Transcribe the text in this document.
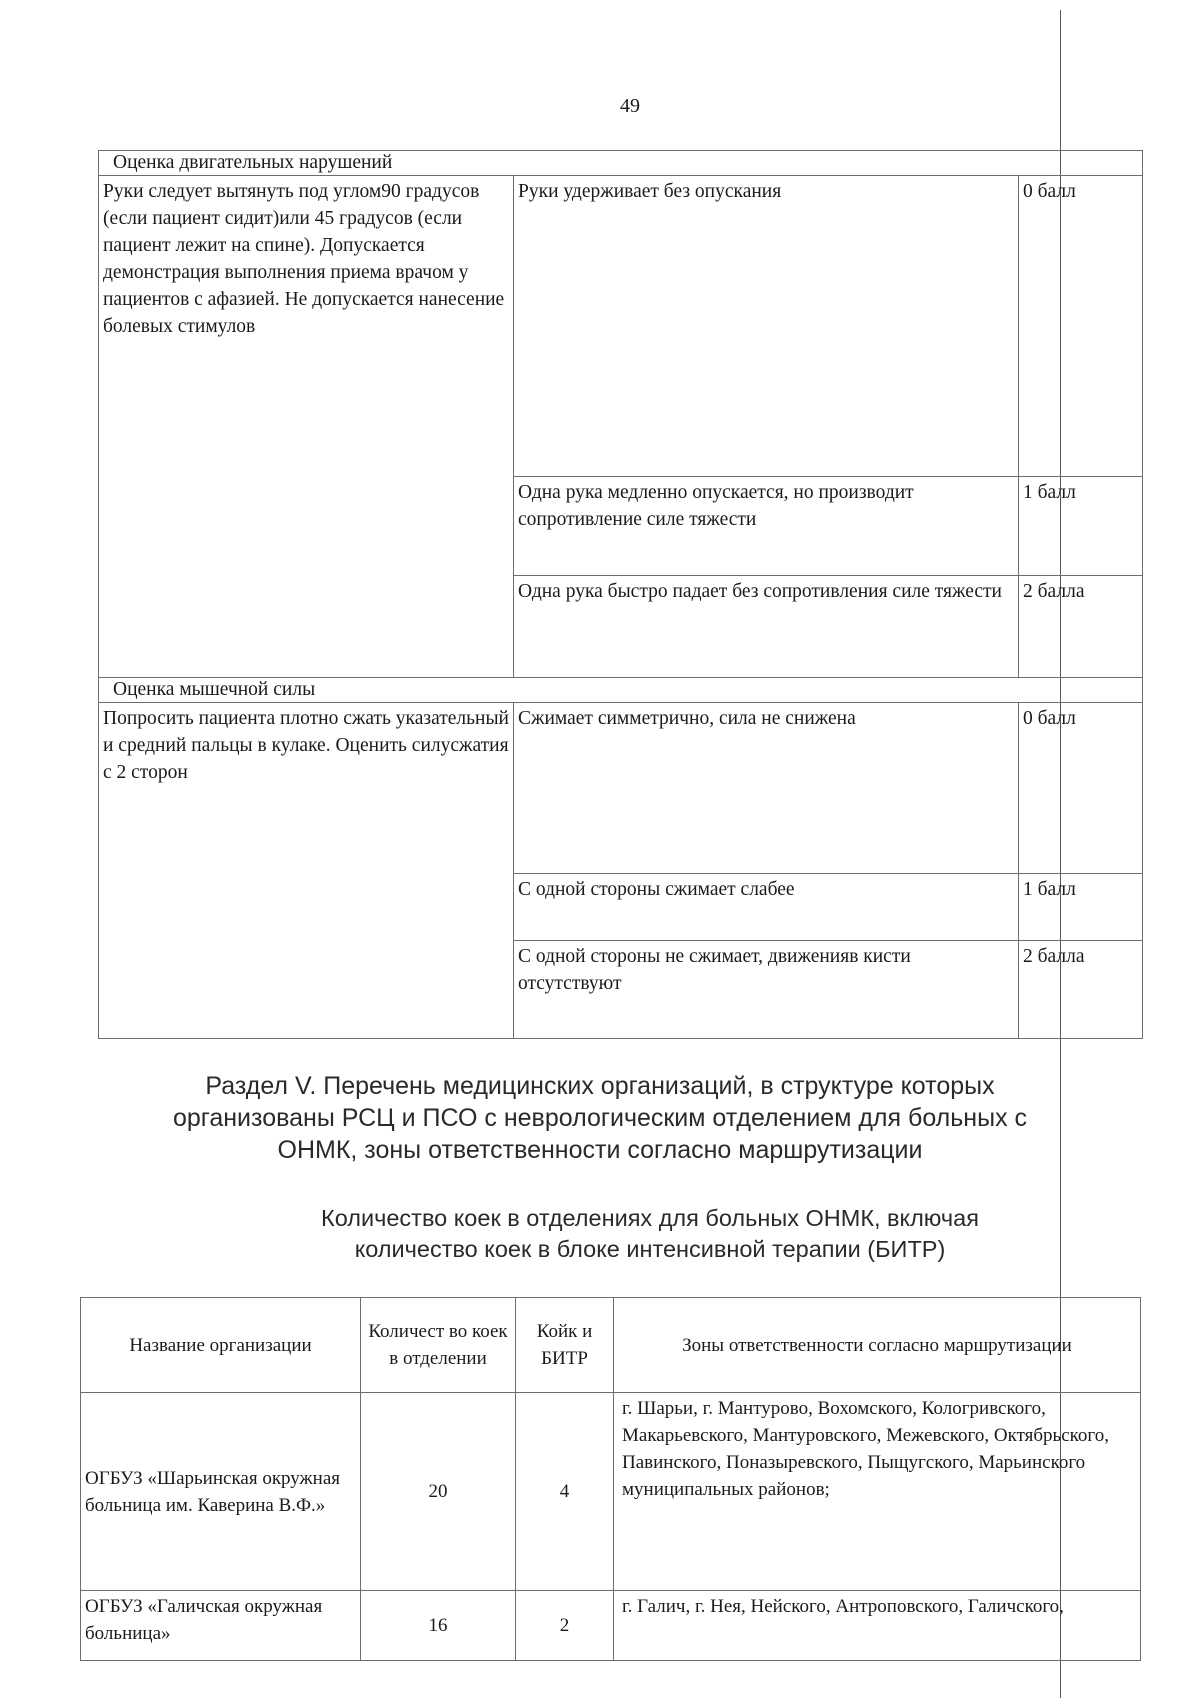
49
Оценка двигательных нарушений		
Руки следует вытянуть под углом90 градусов (если пациент сидит)или 45 градусов (если пациент лежит на спине). Допускается демонстрация выполнения приема врачом у пациентов с афазией. Не допускается нанесение болевых стимулов	Руки удерживает без опускания	0 балл
	Одна рука медленно опускается, но производит сопротивление силе тяжести	1 балл
	Одна рука быстро падает без сопротивления силе тяжести	2 балла
Оценка мышечной силы		
Попросить пациента плотно сжать указательный и средний пальцы в кулаке. Оценить силусжатия с 2 сторон	Сжимает симметрично, сила не снижена	0 балл
	С одной стороны сжимает слабее	1 балл
	С одной стороны не сжимает, движенияв кисти отсутствуют	2 балла
Раздел V. Перечень медицинских организаций, в структуре которых организованы РСЦ и ПСО с неврологическим отделением для больных с ОНМК, зоны ответственности согласно маршрутизации
Количество коек в отделениях для больных ОНМК, включая количество коек в блоке интенсивной терапии (БИТР)
Название организации	Количест во коек в отделении	Койк и БИТР	Зоны ответственности согласно маршрутизации
ОГБУЗ «Шарьинская окружная больница им. Каверина В.Ф.»	20	4	г. Шарьи, г. Мантурово, Вохомского, Кологривского, Макарьевского, Мантуровского, Межевского, Октябрьского, Павинского, Поназыревского, Пыщугского, Марьинского муниципальных районов;
ОГБУЗ «Галичская окружная больница»	16	2	г. Галич, г. Нея, Нейского, Антроповского, Галичского,
